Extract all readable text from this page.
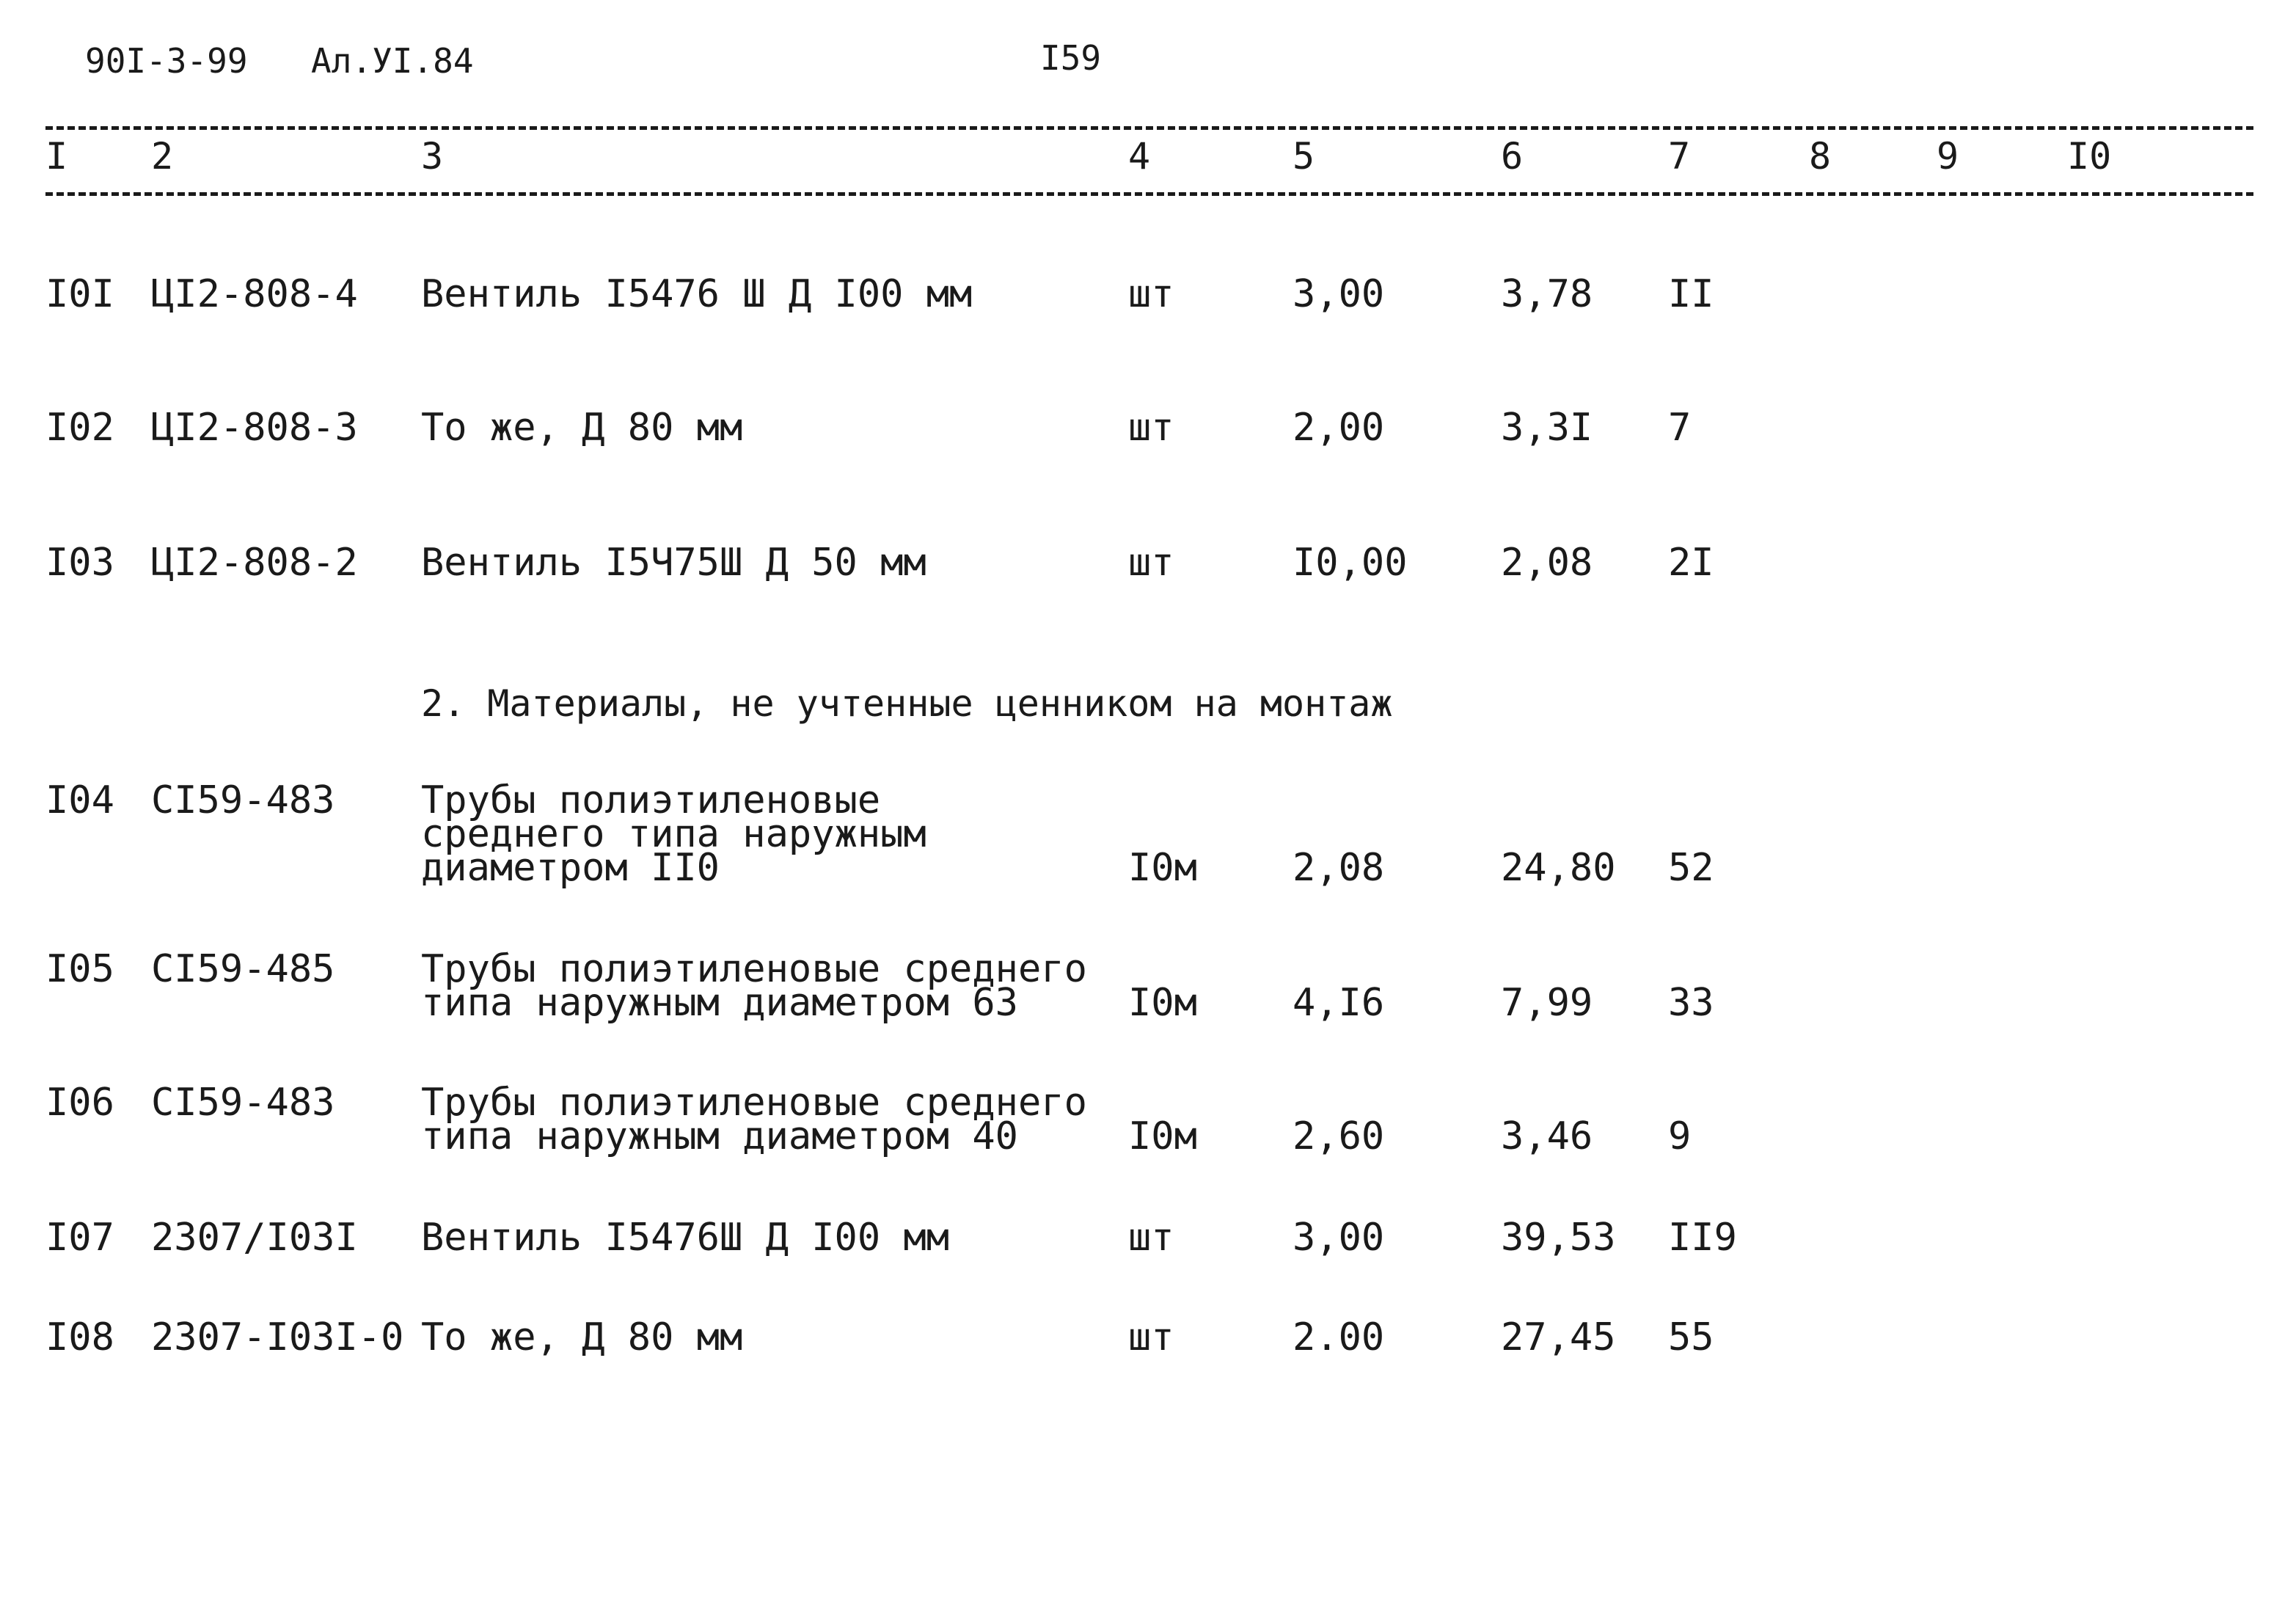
90I-3-99 Ал.УI.84	I59
I 2	3	4	5	6	7	8	9	I0
I0I ЦI2-808-4 Вентиль I5476 Ш Д I00 мм	шт	3,00	3,78 II
I02 ЦI2-808-3 То же, Д 80 мм	шт	2,00	3,3I 7
I03 ЦI2-808-2 Вентиль I5Ч75Ш Д 50 мм	шт	I0,00 2,08 2I
2. Материалы, не учтенные ценником на монтаж
I04 CI59-483 Трубы полиэтиленовые
среднего типа наружным
диаметром II0	I0м	2,08	24,80 52
I05 CI59-485 Трубы полиэтиленовые среднего
типа наружным диаметром 63	I0м	4,I6	7,99 33
I06 CI59-483 Трубы полиэтиленовые среднего
типа наружным диаметром 40	I0м	2,60	3,46 9
I07 2307/I03I Вентиль I5476Ш Д I00 мм	шт	3,00	39,53 II9
I08 2307-I03I-0 То же, Д 80 мм	шт	2.00	27,45 55
